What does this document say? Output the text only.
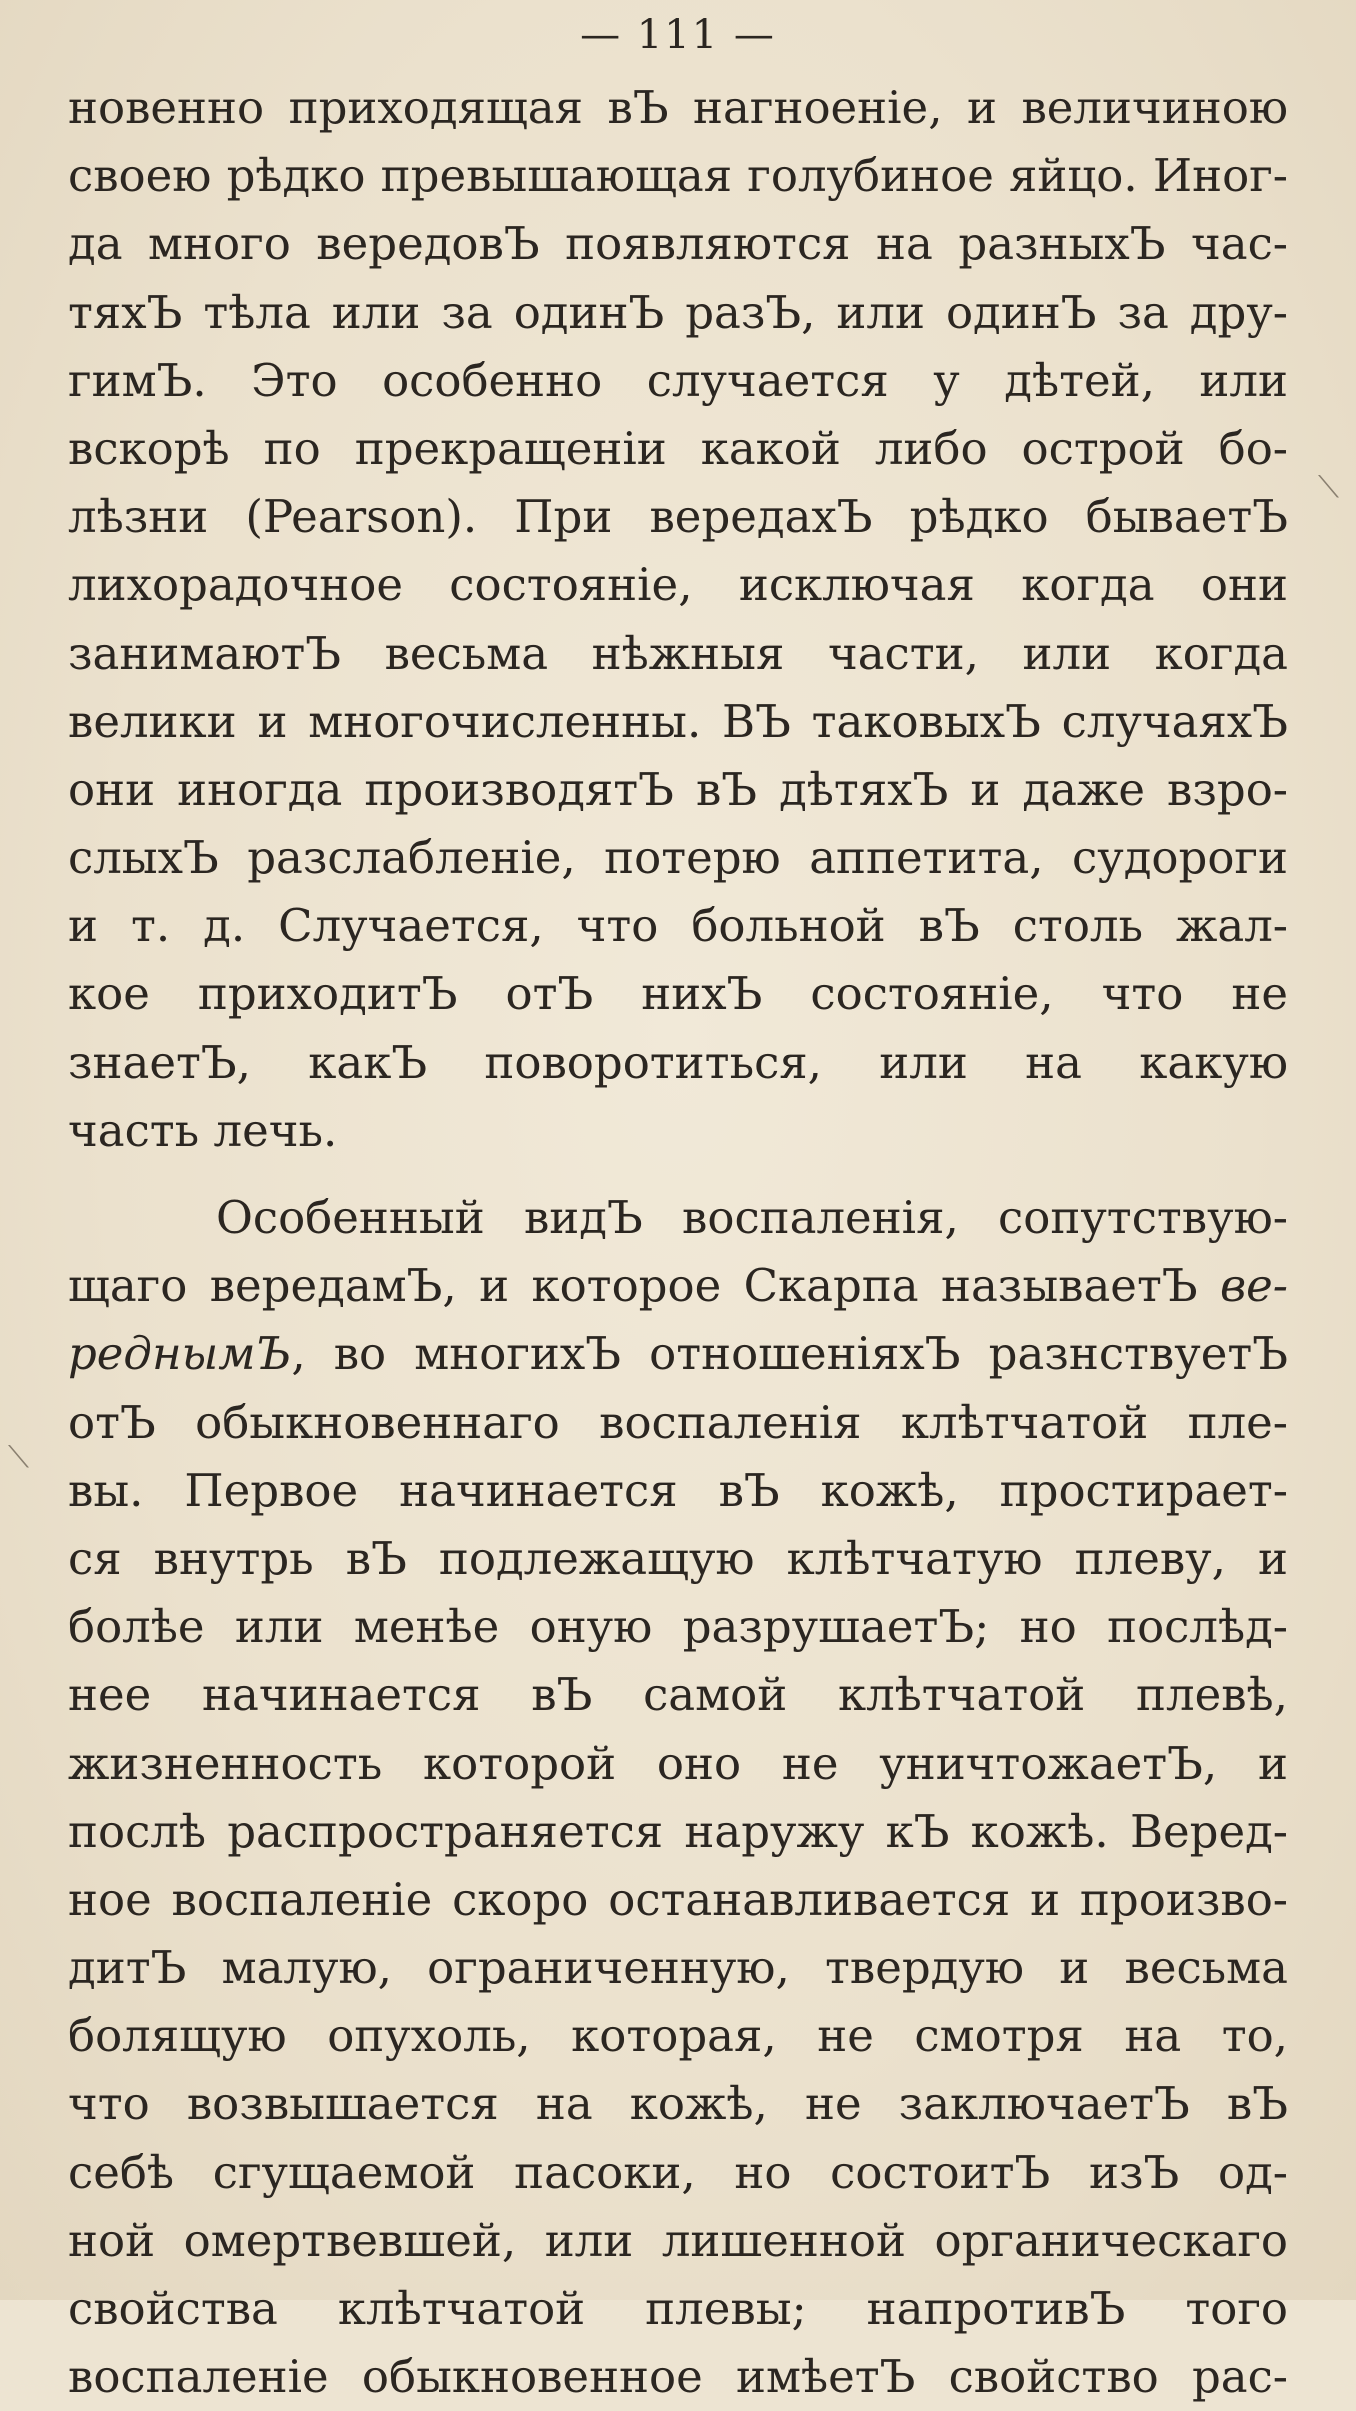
— 111 —
новенно приходящая вЪ нагноеніе, и величиною
своею рѣдко превышающая голубиное яйцо. Иног-
да много вередовЪ появляются на разныхЪ час-
тяхЪ тѣла или за одинЪ разЪ, или одинЪ за дру-
гимЪ. Это особенно случается у дѣтей, или
вскорѣ по прекращеніи какой либо острой бо-
лѣзни (Pearson). При вередахЪ рѣдко бываетЪ
лихорадочное состояніе, исключая когда они
занимаютЪ весьма нѣжныя части, или когда
велики и многочисленны. ВЪ таковыхЪ случаяхЪ
они иногда производятЪ вЪ дѣтяхЪ и даже взро-
слыхЪ разслабленіе, потерю аппетита, судороги
и т. д. Случается, что больной вЪ столь жал-
кое приходитЪ отЪ нихЪ состояніе, что не
знаетЪ, какЪ поворотиться, или на какую
часть лечь.
Особенный видЪ воспаленія, сопутствую-
щаго вередамЪ, и которое Скарпа называетЪ ве-
реднымЪ, во многихЪ отношеніяхЪ разнствуетЪ
отЪ обыкновеннаго воспаленія клѣтчатой пле-
вы. Первое начинается вЪ кожѣ, простирает-
ся внутрь вЪ подлежащую клѣтчатую плеву, и
болѣе или менѣе оную разрушаетЪ; но послѣд-
нее начинается вЪ самой клѣтчатой плевѣ,
жизненность которой оно не уничтожаетЪ, и
послѣ распространяется наружу кЪ кожѣ. Веред-
ное воспаленіе скоро останавливается и произво-
дитЪ малую, ограниченную, твердую и весьма
болящую опухоль, которая, не смотря на то,
что возвышается на кожѣ, не заключаетЪ вЪ
себѣ сгущаемой пасоки, но состоитЪ изЪ од-
ной омертвевшей, или лишенной органическаго
свойства клѣтчатой плевы; напротивЪ того
воспаленіе обыкновенное имѣетЪ свойство рас-
⟍
⟍
